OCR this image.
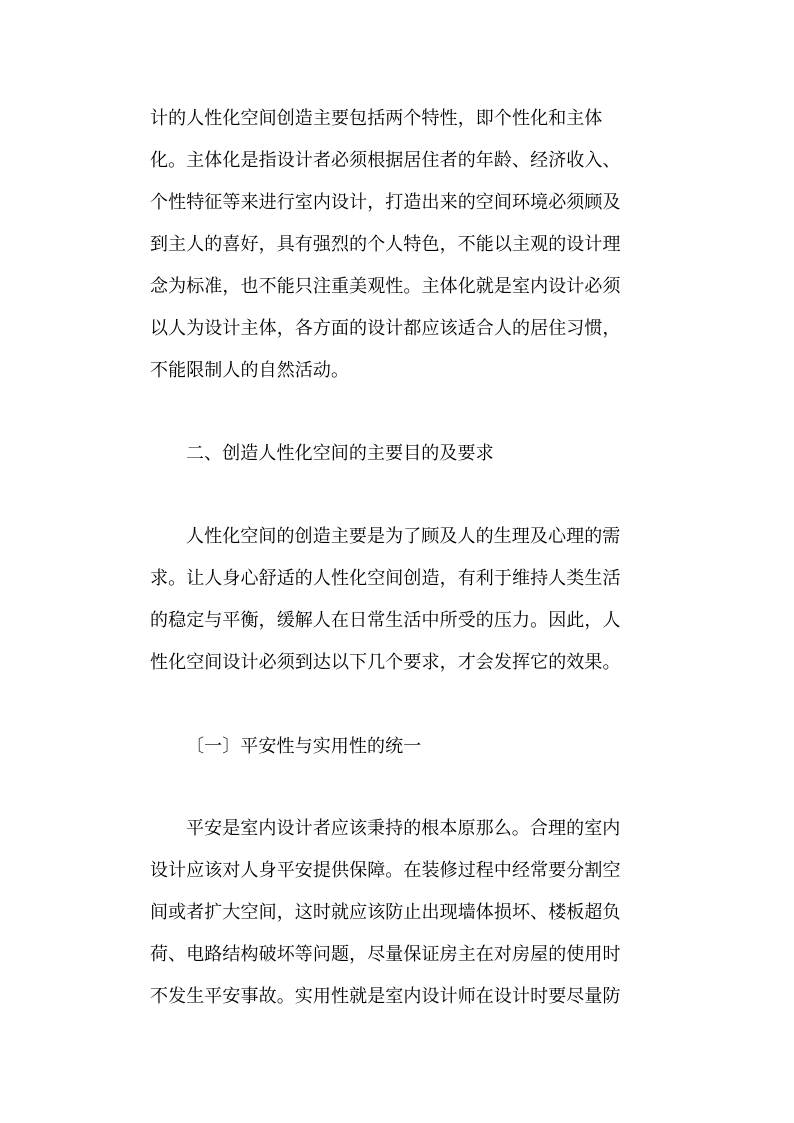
计的人性化空间创造主要包括两个特性，即个性化和主体
化。主体化是指设计者必须根据居住者的年龄、经济收入、
个性特征等来进行室内设计，打造出来的空间环境必须顾及
到主人的喜好，具有强烈的个人特色，不能以主观的设计理
念为标准，也不能只注重美观性。主体化就是室内设计必须
以人为设计主体，各方面的设计都应该适合人的居住习惯，
不能限制人的自然活动。
二、创造人性化空间的主要目的及要求
人性化空间的创造主要是为了顾及人的生理及心理的需
求。让人身心舒适的人性化空间创造，有利于维持人类生活
的稳定与平衡，缓解人在日常生活中所受的压力。因此，人
性化空间设计必须到达以下几个要求，才会发挥它的效果。
〔一〕平安性与实用性的统一
平安是室内设计者应该秉持的根本原那么。合理的室内
设计应该对人身平安提供保障。在装修过程中经常要分割空
间或者扩大空间，这时就应该防止出现墙体损坏、楼板超负
荷、电路结构破坏等问题，尽量保证房主在对房屋的使用时
不发生平安事故。实用性就是室内设计师在设计时要尽量防
